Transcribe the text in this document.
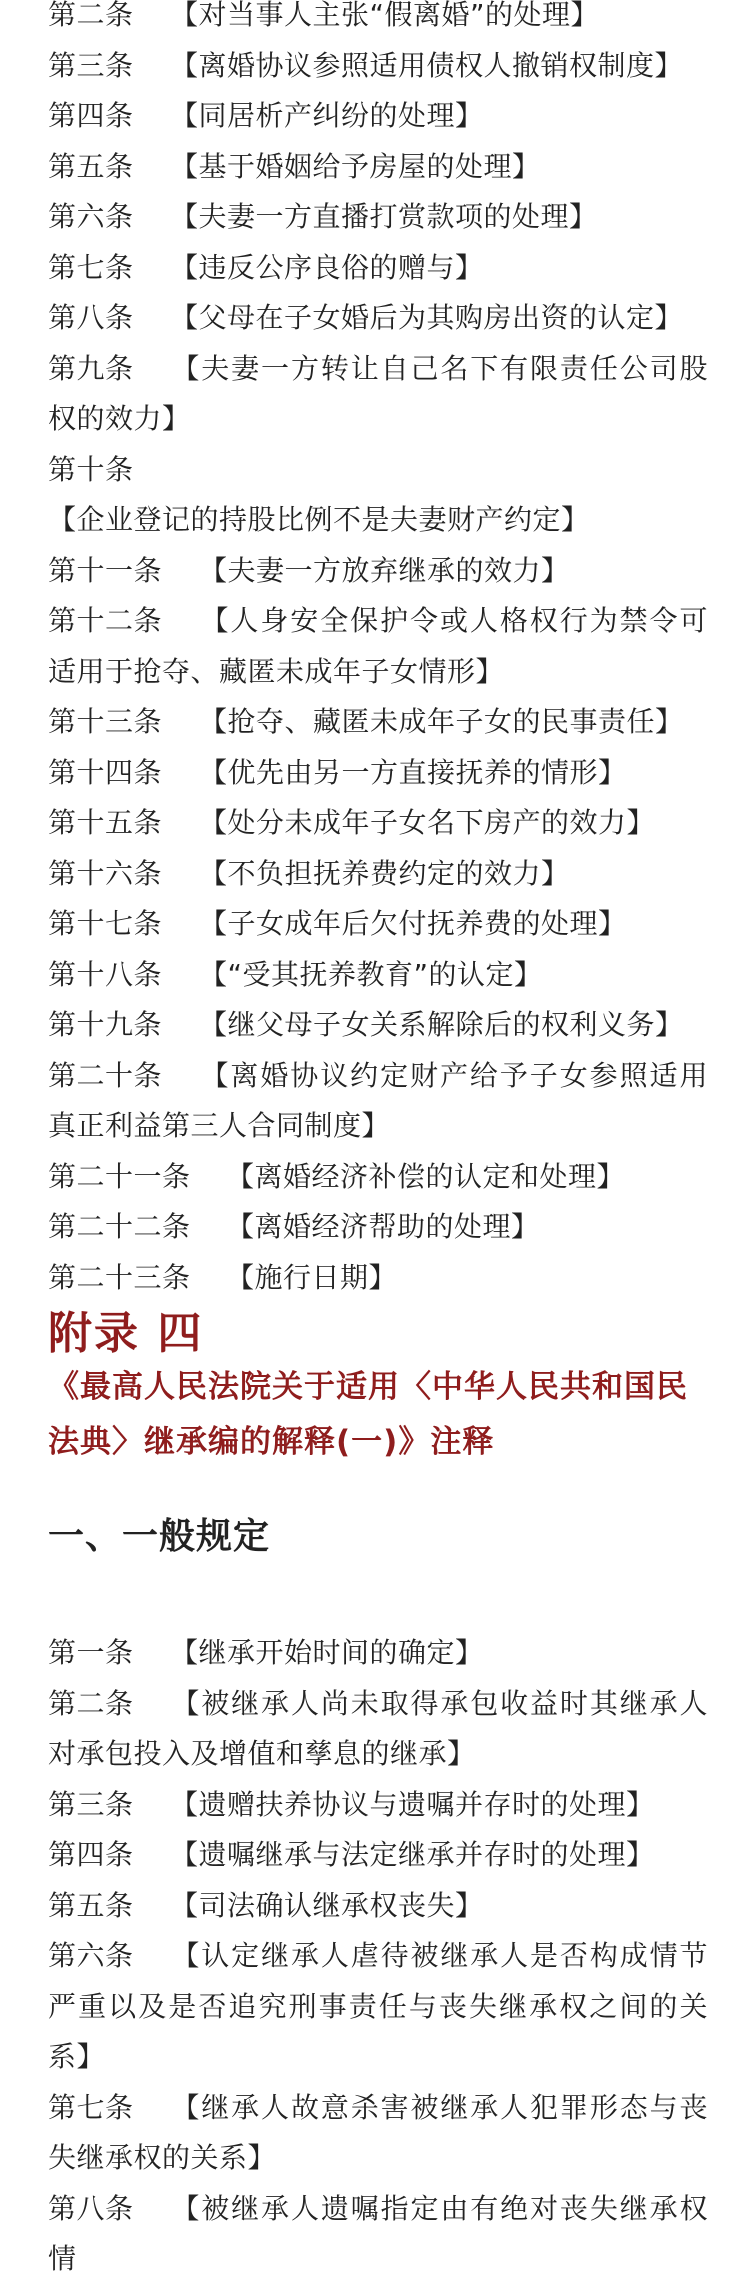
第二条 【对当事人主张“假离婚”的处理】

第三条 【离婚协议参照适用债权人撤销权制度】

第四条 【同居析产纠纷的处理】

第五条 【基于婚姻给予房屋的处理】

第六条 【夫妻一方直播打赏款项的处理】

第七条 【违反公序良俗的赠与】

第八条 【父母在子女婚后为其购房出资的认定】

第九条 【夫妻一方转让自己名下有限责任公司股权的效力】

第十条【企业登记的持股比例不是夫妻财产约定】

第十一条 【夫妻一方放弃继承的效力】

第十二条 【人身安全保护令或人格权行为禁令可适用于抢夺、藏匿未成年子女情形】

第十三条 【抢夺、藏匿未成年子女的民事责任】

第十四条 【优先由另一方直接抚养的情形】

第十五条 【处分未成年子女名下房产的效力】

第十六条 【不负担抚养费约定的效力】

第十七条 【子女成年后欠付抚养费的处理】

第十八条 【“受其抚养教育”的认定】

第十九条 【继父母子女关系解除后的权利义务】

第二十条 【离婚协议约定财产给予子女参照适用真正利益第三人合同制度】

第二十一条 【离婚经济补偿的认定和处理】

第二十二条 【离婚经济帮助的处理】

第二十三条 【施行日期】

附录 四

《最高人民法院关于适用〈中华人民共和国民法典〉继承编的解释(一)》注释

一、一般规定

第一条 【继承开始时间的确定】

第二条 【被继承人尚未取得承包收益时其继承人对承包投入及增值和孳息的继承】

第三条 【遗赠扶养协议与遗嘱并存时的处理】

第四条 【遗嘱继承与法定继承并存时的处理】

第五条 【司法确认继承权丧失】

第六条 【认定继承人虐待被继承人是否构成情节严重以及是否追究刑事责任与丧失继承权之间的关系】

第七条 【继承人故意杀害被继承人犯罪形态与丧失继承权的关系】

第八条 【被继承人遗嘱指定由有绝对丧失继承权情
